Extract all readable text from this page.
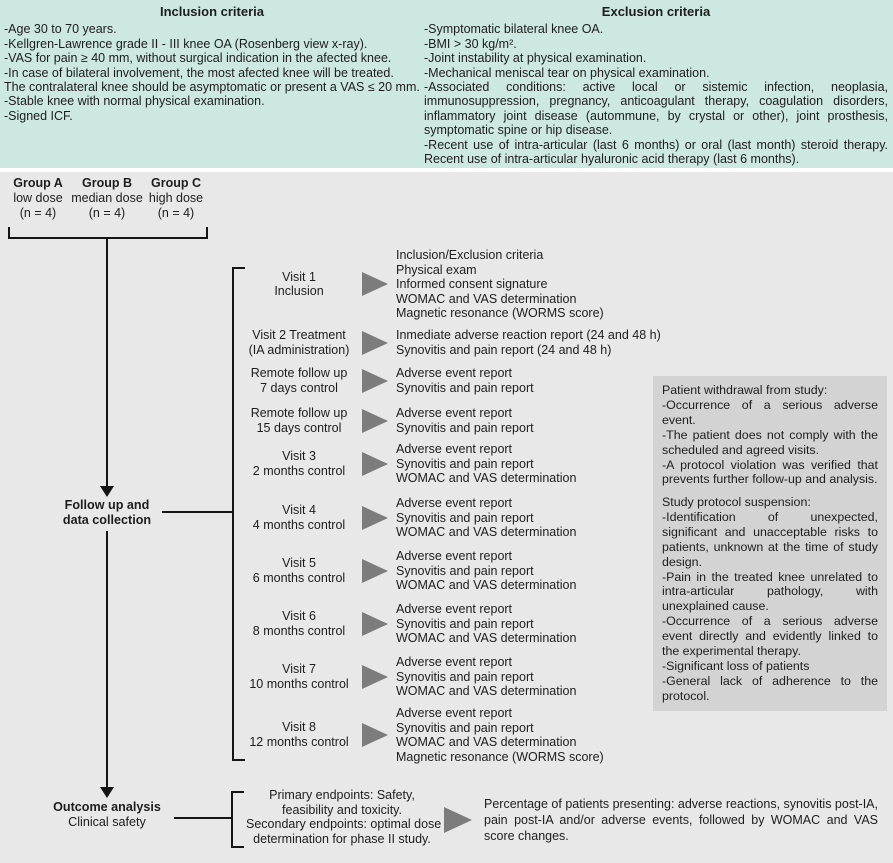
Inclusion criteria
-Age 30 to 70 years.
-Kellgren-Lawrence grade II - III knee OA (Rosenberg view x-ray).
-VAS for pain ≥ 40 mm, without surgical indication in the afected knee.
-In case of bilateral involvement, the most afected knee will be treated.
The contralateral knee should be asymptomatic or present a VAS ≤ 20 mm.
-Stable knee with normal physical examination.
-Signed ICF.
Exclusion criteria
-Symptomatic bilateral knee OA.
-BMI > 30 kg/m².
-Joint instability at physical examination.
-Mechanical meniscal tear on physical examination.
-Associated conditions: active local or sistemic infection, neoplasia, immunosuppression, pregnancy, anticoagulant therapy, coagulation disorders, inflammatory joint disease (autommune, by crystal or other), joint prosthesis, symptomatic spine or hip disease.
-Recent use of intra-articular (last 6 months) or oral (last month) steroid therapy. Recent use of intra-articular hyaluronic acid therapy (last 6 months).
Group A
low dose
(n = 4)
Group B
median dose
(n = 4)
Group C
high dose
(n = 4)
Follow up and
data collection
Outcome analysis
Clinical safety
Primary endpoints: Safety,
feasibility and toxicity.
Secondary endpoints: optimal dose
determination for phase II study.
Percentage of patients presenting: adverse reactions, synovitis post-IA, pain post-IA and/or adverse events, followed by WOMAC and VAS score changes.
Visit 1
Inclusion
Inclusion/Exclusion criteria
Physical exam
Informed consent signature
WOMAC and VAS determination
Magnetic resonance (WORMS score)
Visit 2 Treatment
(IA administration)
Inmediate adverse reaction report (24 and 48 h)
Synovitis and pain report (24 and 48 h)
Remote follow up
7 days control
Adverse event report
Synovitis and pain report
Remote follow up
15 days control
Adverse event report
Synovitis and pain report
Visit 3
2 months control
Adverse event report
Synovitis and pain report
WOMAC and VAS determination
Visit 4
4 months control
Adverse event report
Synovitis and pain report
WOMAC and VAS determination
Visit 5
6 months control
Adverse event report
Synovitis and pain report
WOMAC and VAS determination
Visit 6
8 months control
Adverse event report
Synovitis and pain report
WOMAC and VAS determination
Visit 7
10 months control
Adverse event report
Synovitis and pain report
WOMAC and VAS determination
Visit 8
12 months control
Adverse event report
Synovitis and pain report
WOMAC and VAS determination
Magnetic resonance (WORMS score)
Patient withdrawal from study:
-Occurrence of a serious adverse event.
-The patient does not comply with the scheduled and agreed visits.
-A protocol violation was verified that prevents further follow-up and analysis.
Study protocol suspension:
-Identification of unexpected, significant and unacceptable risks to patients, unknown at the time of study design.
-Pain in the treated knee unrelated to intra-articular pathology, with unexplained cause.
-Occurrence of a serious adverse event directly and evidently linked to the experimental therapy.
-Significant loss of patients
-General lack of adherence to the protocol.
